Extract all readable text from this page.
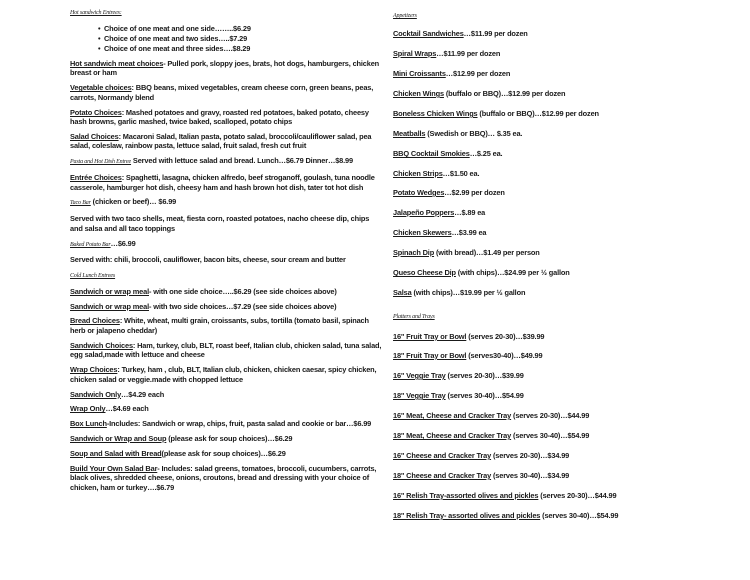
Hot sandwich Entrees:
• Choice of one meat and one side……..$6.29
• Choice of one meat and two sides…..$7.29
• Choice of one meat and three sides….$8.29
Hot sandwich meat choices- Pulled pork, sloppy joes, brats, hot dogs, hamburgers, chicken breast or ham
Vegetable choices: BBQ beans, mixed vegetables, cream cheese corn, green beans, peas, carrots, Normandy blend
Potato Choices: Mashed potatoes and gravy, roasted red potatoes, baked potato, cheesy hash browns, garlic mashed, twice baked, scalloped, potato chips
Salad Choices: Macaroni Salad, Italian pasta, potato salad, broccoli/cauliflower salad, pea salad, coleslaw, rainbow pasta, lettuce salad, fruit salad, fresh cut fruit
Pasta and Hot Dish Entree Served with lettuce salad and bread. Lunch…$6.79 Dinner…$8.99
Entrée Choices: Spaghetti, lasagna, chicken alfredo, beef stroganoff, goulash, tuna noodle casserole, hamburger hot dish, cheesy ham and hash brown hot dish, tater tot hot dish
Taco Bar (chicken or beef)… $6.99
Served with two taco shells, meat, fiesta corn, roasted potatoes, nacho cheese dip, chips and salsa and all taco toppings
Baked Potato Bar…$6.99
Served with: chili, broccoli, cauliflower, bacon bits, cheese, sour cream and butter
Cold Lunch Entrees
Sandwich or wrap meal- with one side choice…..$6.29 (see side choices above)
Sandwich or wrap meal- with two side choices…$7.29 (see side choices above)
Bread Choices: White, wheat, multi grain, croissants, subs, tortilla (tomato basil, spinach herb or jalapeno cheddar)
Sandwich Choices: Ham, turkey, club, BLT, roast beef, Italian club, chicken salad, tuna salad, egg salad,made with lettuce and cheese
Wrap Choices: Turkey, ham , club, BLT, Italian club, chicken, chicken caesar, spicy chicken, chicken salad or veggie.made with chopped lettuce
Sandwich Only…$4.29 each
Wrap Only…$4.69 each
Box Lunch-Includes: Sandwich or wrap, chips, fruit, pasta salad and cookie or bar…$6.99
Sandwich or Wrap and Soup (please ask for soup choices)…$6.29
Soup and Salad with Bread(please ask for soup choices)…$6.29
Build Your Own Salad Bar- Includes: salad greens, tomatoes, broccoli, cucumbers, carrots, black olives, shredded cheese, onions, croutons, bread and dressing with your choice of chicken, ham or turkey….$6.79
Appetizers
Platters and Trays
Cocktail Sandwiches…$11.99 per dozen
Spiral Wraps…$11.99 per dozen
Mini Croissants…$12.99 per dozen
Chicken Wings (buffalo or BBQ)…$12.99 per dozen
Boneless Chicken Wings (buffalo or BBQ)…$12.99 per dozen
Meatballs (Swedish or BBQ)… $.35 ea.
BBQ Cocktail Smokies…$.25 ea.
Chicken Strips…$1.50 ea.
Potato Wedges…$2.99 per dozen
Jalapeño Poppers…$.89 ea
Chicken Skewers…$3.99 ea
Spinach Dip (with bread)…$1.49 per person
Queso Cheese Dip (with chips)…$24.99 per ½ gallon
Salsa (with chips)…$19.99 per ½ gallon
16" Fruit Tray or Bowl (serves 20-30)…$39.99
18" Fruit Tray or Bowl (serves30-40)…$49.99
16" Veggie Tray (serves 20-30)…$39.99
18" Veggie Tray (serves 30-40)…$54.99
16" Meat, Cheese and Cracker Tray (serves 20-30)…$44.99
18" Meat, Cheese and Cracker Tray (serves 30-40)…$54.99
16" Cheese and Cracker Tray (serves 20-30)…$34.99
18" Cheese and Cracker Tray (serves 30-40)…$34.99
16" Relish Tray-assorted olives and pickles (serves 20-30)…$44.99
18" Relish Tray- assorted olives and pickles (serves 30-40)…$54.99
